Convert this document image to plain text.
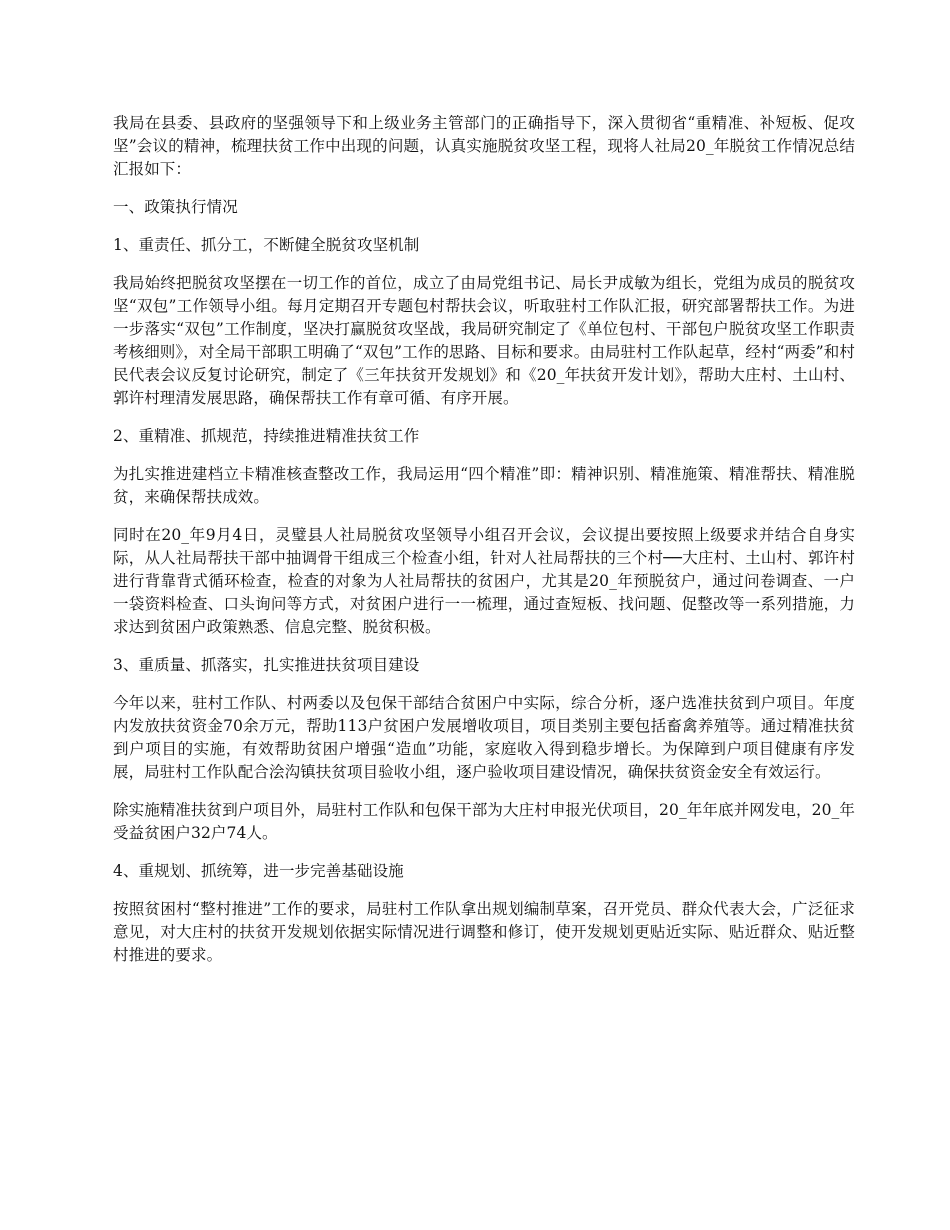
我局在县委、县政府的坚强领导下和上级业务主管部门的正确指导下，深入贯彻省“重精准、补短板、促攻坚”会议的精神，梳理扶贫工作中出现的问题，认真实施脱贫攻坚工程，现将人社局20_年脱贫工作情况总结汇报如下：

一、政策执行情况

1、重责任、抓分工，不断健全脱贫攻坚机制

我局始终把脱贫攻坚摆在一切工作的首位，成立了由局党组书记、局长尹成敏为组长，党组为成员的脱贫攻坚“双包”工作领导小组。每月定期召开专题包村帮扶会议，听取驻村工作队汇报，研究部署帮扶工作。为进一步落实“双包”工作制度，坚决打赢脱贫攻坚战，我局研究制定了《单位包村、干部包户脱贫攻坚工作职责考核细则》，对全局干部职工明确了“双包”工作的思路、目标和要求。由局驻村工作队起草，经村“两委”和村民代表会议反复讨论研究，制定了《三年扶贫开发规划》和《20_年扶贫开发计划》，帮助大庄村、土山村、郭许村理清发展思路，确保帮扶工作有章可循、有序开展。

2、重精准、抓规范，持续推进精准扶贫工作

为扎实推进建档立卡精准核查整改工作，我局运用“四个精准”即：精神识别、精准施策、精准帮扶、精准脱贫，来确保帮扶成效。

同时在20_年9月4日，灵璧县人社局脱贫攻坚领导小组召开会议，会议提出要按照上级要求并结合自身实际，从人社局帮扶干部中抽调骨干组成三个检查小组，针对人社局帮扶的三个村──大庄村、土山村、郭许村进行背靠背式循环检查，检查的对象为人社局帮扶的贫困户，尤其是20_年预脱贫户，通过问卷调查、一户一袋资料检查、口头询问等方式，对贫困户进行一一梳理，通过查短板、找问题、促整改等一系列措施，力求达到贫困户政策熟悉、信息完整、脱贫积极。

3、重质量、抓落实，扎实推进扶贫项目建设

今年以来，驻村工作队、村两委以及包保干部结合贫困户中实际，综合分析，逐户选准扶贫到户项目。年度内发放扶贫资金70余万元，帮助113户贫困户发展增收项目，项目类别主要包括畜禽养殖等。通过精准扶贫到户项目的实施，有效帮助贫困户增强“造血”功能，家庭收入得到稳步增长。为保障到户项目健康有序发展，局驻村工作队配合浍沟镇扶贫项目验收小组，逐户验收项目建设情况，确保扶贫资金安全有效运行。

除实施精准扶贫到户项目外，局驻村工作队和包保干部为大庄村申报光伏项目，20_年年底并网发电，20_年受益贫困户32户74人。

4、重规划、抓统筹，进一步完善基础设施

按照贫困村“整村推进”工作的要求，局驻村工作队拿出规划编制草案，召开党员、群众代表大会，广泛征求意见，对大庄村的扶贫开发规划依据实际情况进行调整和修订，使开发规划更贴近实际、贴近群众、贴近整村推进的要求。
